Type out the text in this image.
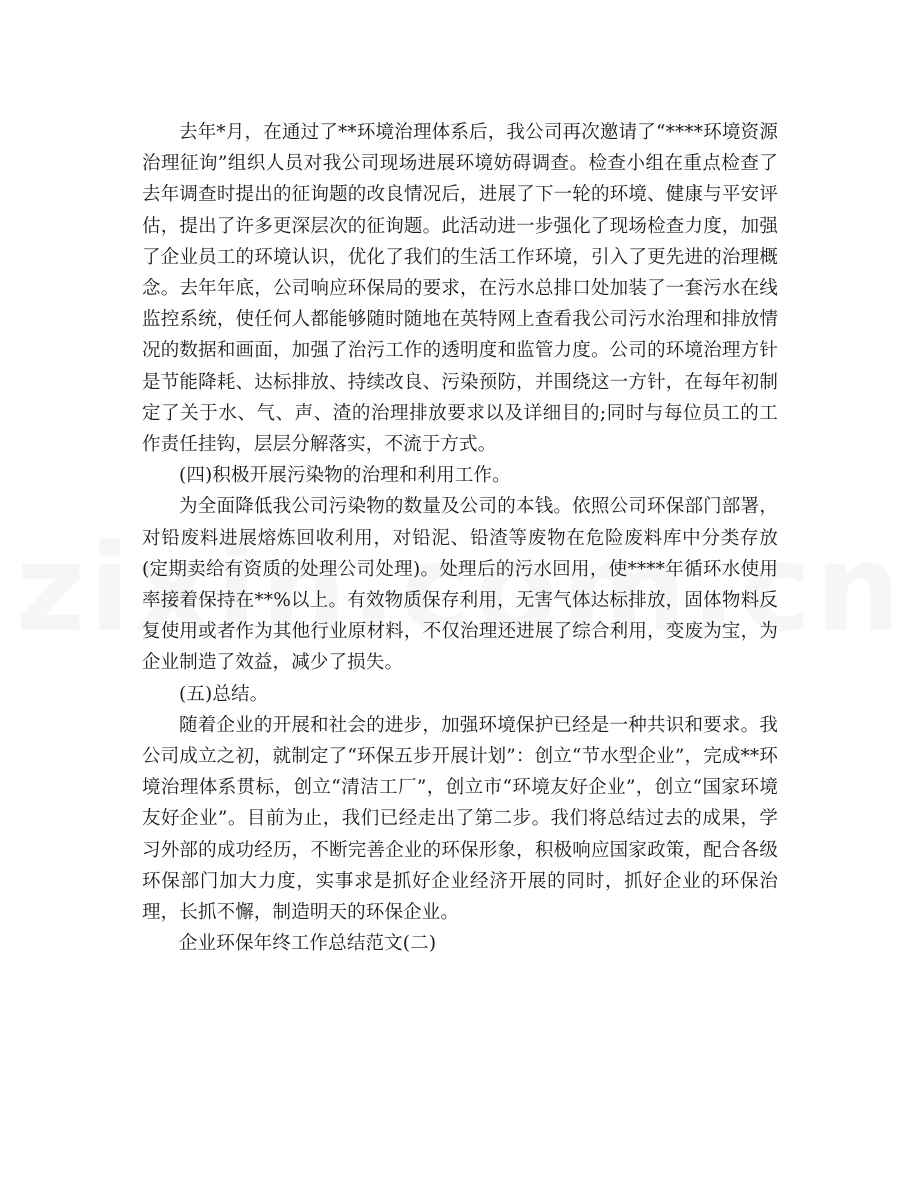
去年*月，在通过了**环境治理体系后，我公司再次邀请了“****环境资源治理征询”组织人员对我公司现场进展环境妨碍调查。检查小组在重点检查了去年调查时提出的征询题的改良情况后，进展了下一轮的环境、健康与平安评估，提出了许多更深层次的征询题。此活动进一步强化了现场检查力度，加强了企业员工的环境认识，优化了我们的生活工作环境，引入了更先进的治理概念。去年年底，公司响应环保局的要求，在污水总排口处加装了一套污水在线监控系统，使任何人都能够随时随地在英特网上查看我公司污水治理和排放情况的数据和画面，加强了治污工作的透明度和监管力度。公司的环境治理方针是节能降耗、达标排放、持续改良、污染预防，并围绕这一方针，在每年初制定了关于水、气、声、渣的治理排放要求以及详细目的;同时与每位员工的工作责任挂钩，层层分解落实，不流于方式。

(四)积极开展污染物的治理和利用工作。

为全面降低我公司污染物的数量及公司的本钱。依照公司环保部门部署，对铅废料进展熔炼回收利用，对铅泥、铅渣等废物在危险废料库中分类存放(定期卖给有资质的处理公司处理)。处理后的污水回用，使****年循环水使用率接着保持在**%以上。有效物质保存利用，无害气体达标排放，固体物料反复使用或者作为其他行业原材料，不仅治理还进展了综合利用，变废为宝，为企业制造了效益，减少了损失。

(五)总结。

随着企业的开展和社会的进步，加强环境保护已经是一种共识和要求。我公司成立之初，就制定了“环保五步开展计划”：创立“节水型企业”，完成**环境治理体系贯标，创立“清洁工厂”，创立市“环境友好企业”，创立“国家环境友好企业”。目前为止，我们已经走出了第二步。我们将总结过去的成果，学习外部的成功经历，不断完善企业的环保形象，积极响应国家政策，配合各级环保部门加大力度，实事求是抓好企业经济开展的同时，抓好企业的环保治理，长抓不懈，制造明天的环保企业。

企业环保年终工作总结范文(二)
